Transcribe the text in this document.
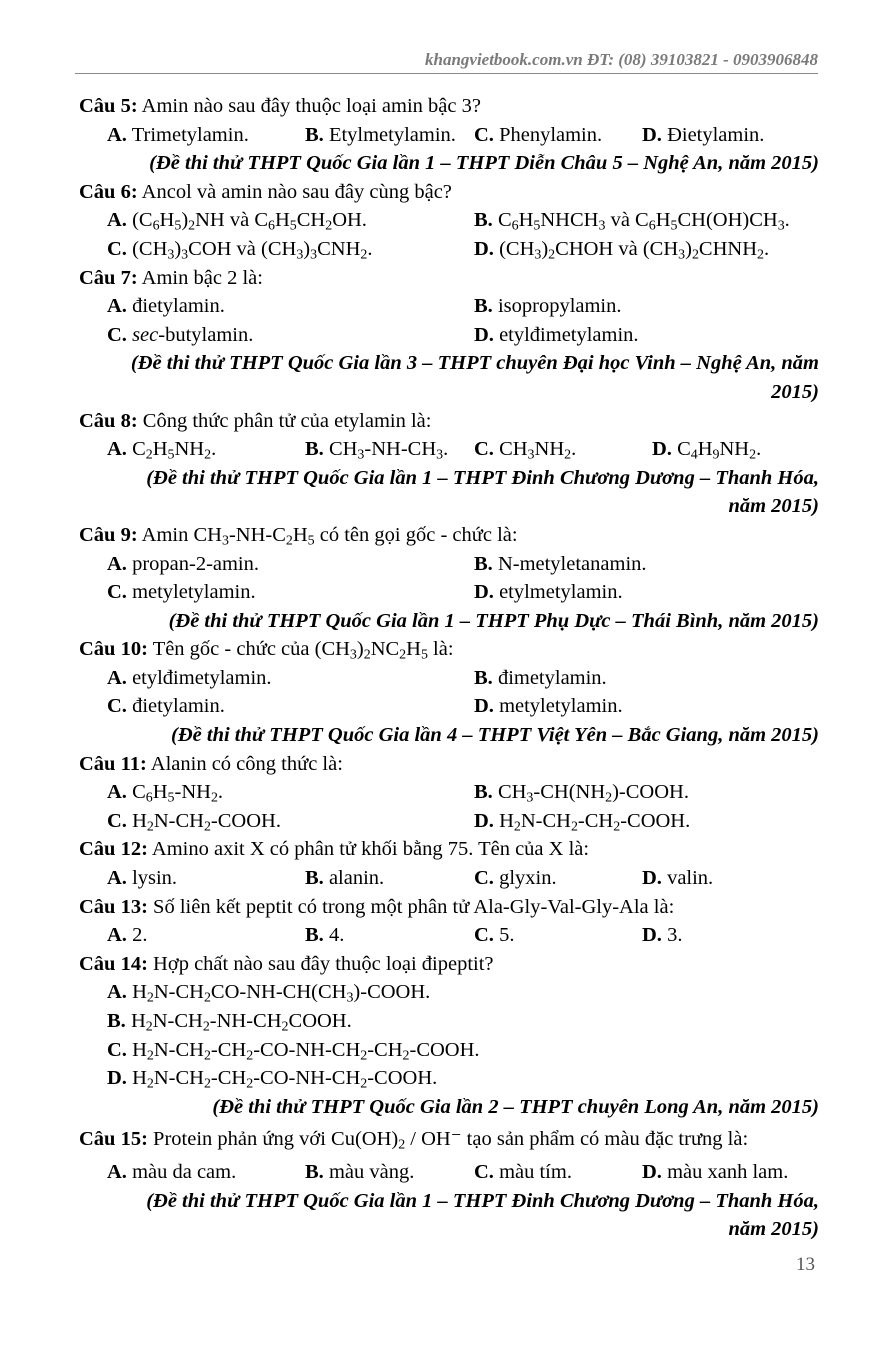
khangvietbook.com.vn ĐT: (08) 39103821 - 0903906848
Câu 5: Amin nào sau đây thuộc loại amin bậc 3?
A. Trimetylamin.	B. Etylmetylamin. C. Phenylamin. D. Đietylamin.
(Đề thi thử THPT Quốc Gia lần 1 – THPT Diễn Châu 5 – Nghệ An, năm 2015)
Câu 6: Ancol và amin nào sau đây cùng bậc?
A. $(C_6H_5)_2NH$ và $C_6H_5CH_2OH$.	B. $C_6H_5NHCH_3$ và $C_6H_5CH(OH)CH_3$.
C. $(CH_3)_3COH$ và $(CH_3)_3CNH_2$.	D. $(CH_3)_2CHOH$ và $(CH_3)_2CHNH_2$.
Câu 7: Amin bậc 2 là:
A. đietylamin.	B. isopropylamin.
C. sec-butylamin.	D. etylđimetylamin.
(Đề thi thử THPT Quốc Gia lần 3 – THPT chuyên Đại học Vinh – Nghệ An, năm 2015)
Câu 8: Công thức phân tử của etylamin là:
A. $C_2H_5NH_2$.	B. $CH_3-NH-CH_3$. C. $CH_3NH_2$.	D. $C_4H_9NH_2$.
(Đề thi thử THPT Quốc Gia lần 1 – THPT Đinh Chương Dương – Thanh Hóa, năm 2015)
Câu 9: Amin $CH_3-NH-C_2H_5$ có tên gọi gốc - chức là:
A. propan-2-amin.	B. N-metyletanamin.
C. metyletylamin.	D. etylmetylamin.
(Đề thi thử THPT Quốc Gia lần 1 – THPT Phụ Dực – Thái Bình, năm 2015)
Câu 10: Tên gốc - chức của $(CH_3)_2NC_2H_5$ là:
A. etylđimetylamin.	B. đimetylamin.
C. đietylamin.	D. metyletylamin.
(Đề thi thử THPT Quốc Gia lần 4 – THPT Việt Yên – Bắc Giang, năm 2015)
Câu 11: Alanin có công thức là:
A. $C_6H_5-NH_2$.	B. $CH_3-CH(NH_2)$-COOH.
C. $H_2N-CH_2$-COOH.	D. $H_2N-CH_2-CH_2$-COOH.
Câu 12: Amino axit X có phân tử khối bằng 75. Tên của X là:
A. lysin.	B. alanin.	C. glyxin.	D. valin.
Câu 13: Số liên kết peptit có trong một phân tử Ala-Gly-Val-Gly-Ala là:
A. 2.	B. 4.	C. 5.	D. 3.
Câu 14: Hợp chất nào sau đây thuộc loại đipeptit?
A. $H_2N-CH_2CO-NH-CH(CH_3)$-COOH.
B. $H_2N-CH_2-NH-CH_2COOH$.
C. $H_2N-CH_2-CH_2-CO-NH-CH_2-CH_2$-COOH.
D. $H_2N-CH_2-CH_2-CO-NH-CH_2$-COOH.
(Đề thi thử THPT Quốc Gia lần 2 – THPT chuyên Long An, năm 2015)
Câu 15: Protein phản ứng với $Cu(OH)_2 / OH^-$ tạo sản phẩm có màu đặc trưng là:
A. màu da cam.	B. màu vàng.	C. màu tím.	D. màu xanh lam.
(Đề thi thử THPT Quốc Gia lần 1 – THPT Đinh Chương Dương – Thanh Hóa, năm 2015)
13
